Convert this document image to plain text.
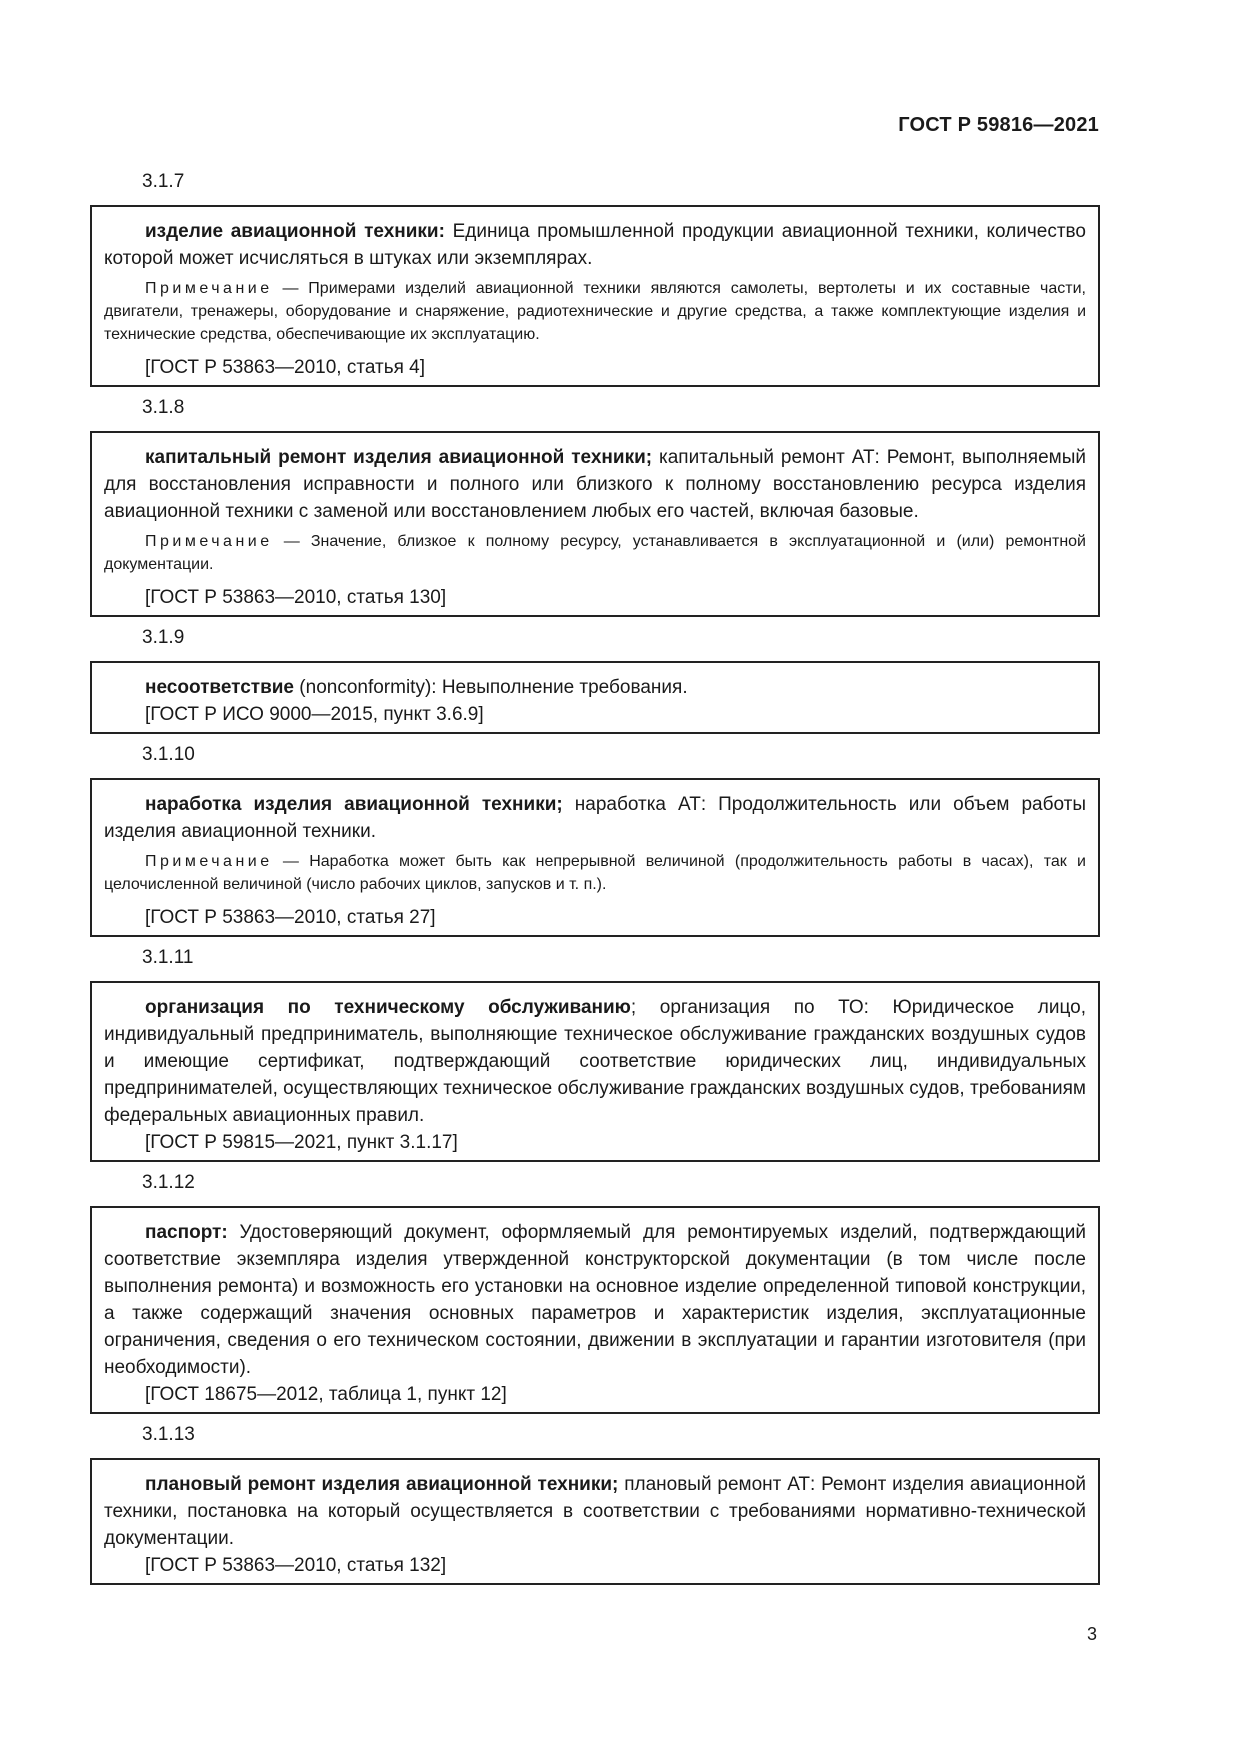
ГОСТ Р 59816—2021
3.1.7

изделие авиационной техники: Единица промышленной продукции авиационной техники, количество которой может исчисляться в штуках или экземплярах.

Примечание — Примерами изделий авиационной техники являются самолеты, вертолеты и их составные части, двигатели, тренажеры, оборудование и снаряжение, радиотехнические и другие средства, а также комплектующие изделия и технические средства, обеспечивающие их эксплуатацию.

[ГОСТ Р 53863—2010, статья 4]

3.1.8

капитальный ремонт изделия авиационной техники; капитальный ремонт АТ: Ремонт, выполняемый для восстановления исправности и полного или близкого к полному восстановлению ресурса изделия авиационной техники с заменой или восстановлением любых его частей, включая базовые.

Примечание — Значение, близкое к полному ресурсу, устанавливается в эксплуатационной и (или) ремонтной документации.

[ГОСТ Р 53863—2010, статья 130]

3.1.9

несоответствие (nonconformity): Невыполнение требования.

[ГОСТ Р ИСО 9000—2015, пункт 3.6.9]

3.1.10

наработка изделия авиационной техники; наработка АТ: Продолжительность или объем работы изделия авиационной техники.

Примечание — Наработка может быть как непрерывной величиной (продолжительность работы в часах), так и целочисленной величиной (число рабочих циклов, запусков и т. п.).

[ГОСТ Р 53863—2010, статья 27]

3.1.11

организация по техническому обслуживанию; организация по ТО: Юридическое лицо, индивидуальный предприниматель, выполняющие техническое обслуживание гражданских воздушных судов и имеющие сертификат, подтверждающий соответствие юридических лиц, индивидуальных предпринимателей, осуществляющих техническое обслуживание гражданских воздушных судов, требованиям федеральных авиационных правил.

[ГОСТ Р 59815—2021, пункт 3.1.17]

3.1.12

паспорт: Удостоверяющий документ, оформляемый для ремонтируемых изделий, подтверждающий соответствие экземпляра изделия утвержденной конструкторской документации (в том числе после выполнения ремонта) и возможность его установки на основное изделие определенной типовой конструкции, а также содержащий значения основных параметров и характеристик изделия, эксплуатационные ограничения, сведения о его техническом состоянии, движении в эксплуатации и гарантии изготовителя (при необходимости).

[ГОСТ 18675—2012, таблица 1, пункт 12]

3.1.13

плановый ремонт изделия авиационной техники; плановый ремонт АТ: Ремонт изделия авиационной техники, постановка на который осуществляется в соответствии с требованиями нормативно-технической документации.

[ГОСТ Р 53863—2010, статья 132]

3
